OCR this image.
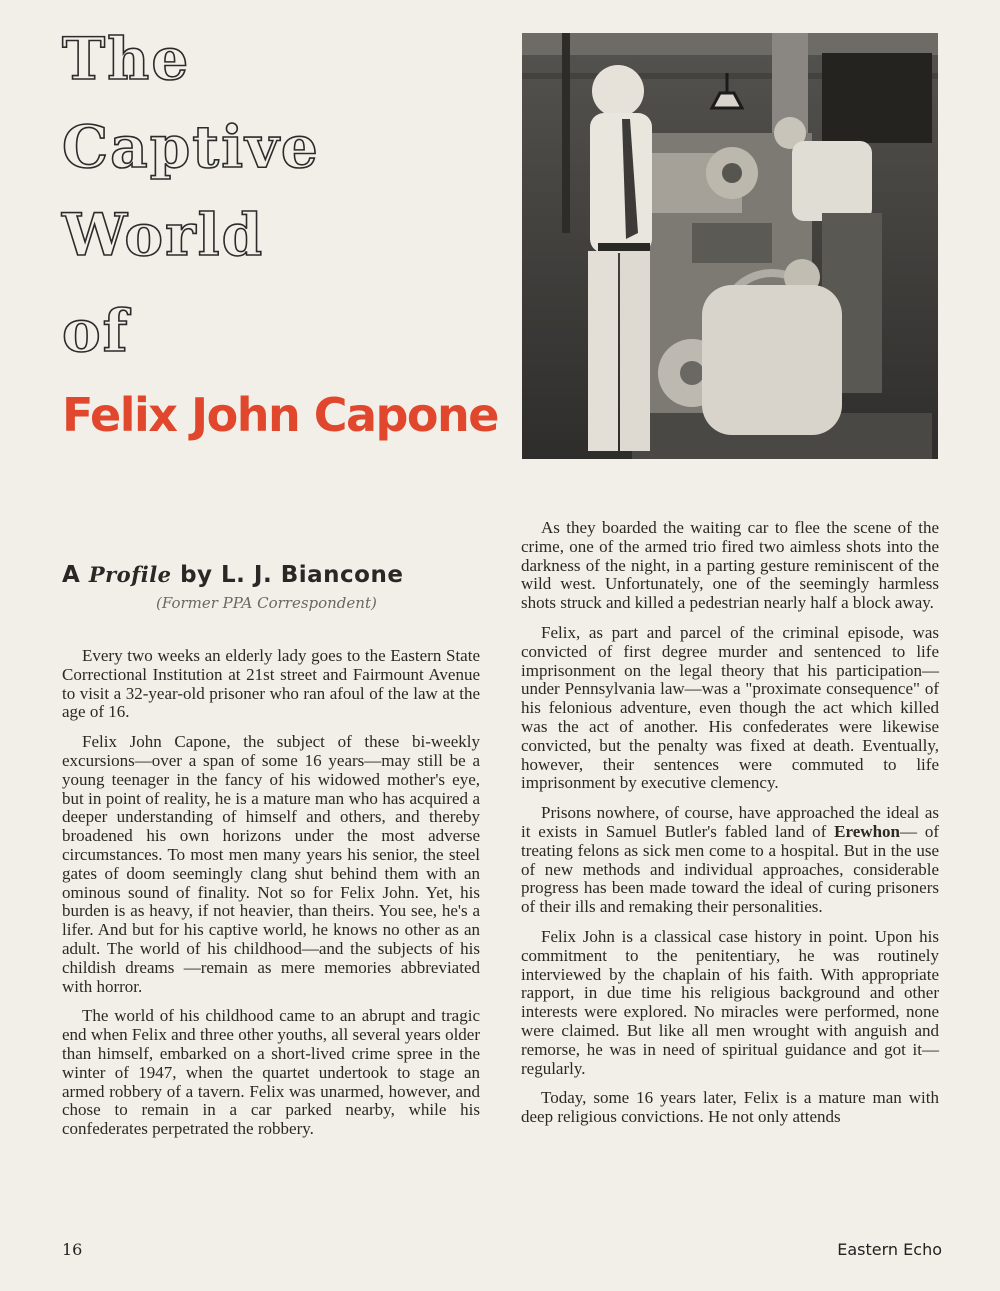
The
Captive
World
of
Felix John Capone
A Profile by L. J. Biancone
(Former PPA Correspondent)

Every two weeks an elderly lady goes to the Eastern State Correctional Institution at 21st street and Fairmount Avenue to visit a 32-year-old prisoner who ran afoul of the law at the age of 16.

Felix John Capone, the subject of these bi-weekly excursions—over a span of some 16 years—may still be a young teenager in the fancy of his widowed mother's eye, but in point of reality, he is a mature man who has acquired a deeper understanding of himself and others, and thereby broadened his own horizons under the most adverse circumstances. To most men many years his senior, the steel gates of doom seemingly clang shut behind them with an ominous sound of finality. Not so for Felix John. Yet, his burden is as heavy, if not heavier, than theirs. You see, he's a lifer. And but for his captive world, he knows no other as an adult. The world of his childhood—and the subjects of his childish dreams —remain as mere memories abbreviated with horror.

The world of his childhood came to an abrupt and tragic end when Felix and three other youths, all several years older than himself, embarked on a short-lived crime spree in the winter of 1947, when the quartet undertook to stage an armed robbery of a tavern. Felix was unarmed, however, and chose to remain in a car parked nearby, while his confederates perpetrated the robbery.

As they boarded the waiting car to flee the scene of the crime, one of the armed trio fired two aimless shots into the darkness of the night, in a parting gesture reminiscent of the wild west. Unfortunately, one of the seemingly harmless shots struck and killed a pedestrian nearly half a block away.

Felix, as part and parcel of the criminal episode, was convicted of first degree murder and sentenced to life imprisonment on the legal theory that his participation—under Pennsylvania law—was a "proximate consequence" of his felonious adventure, even though the act which killed was the act of another. His confederates were likewise convicted, but the penalty was fixed at death. Eventually, however, their sentences were commuted to life imprisonment by executive clemency.

Prisons nowhere, of course, have approached the ideal as it exists in Samuel Butler's fabled land of Erewhon— of treating felons as sick men come to a hospital. But in the use of new methods and individual approaches, considerable progress has been made toward the ideal of curing prisoners of their ills and remaking their personalities.

Felix John is a classical case history in point. Upon his commitment to the penitentiary, he was routinely interviewed by the chaplain of his faith. With appropriate rapport, in due time his religious background and other interests were explored. No miracles were performed, none were claimed. But like all men wrought with anguish and remorse, he was in need of spiritual guidance and got it—regularly.

Today, some 16 years later, Felix is a mature man with deep religious convictions. He not only attends

16	Eastern Echo
